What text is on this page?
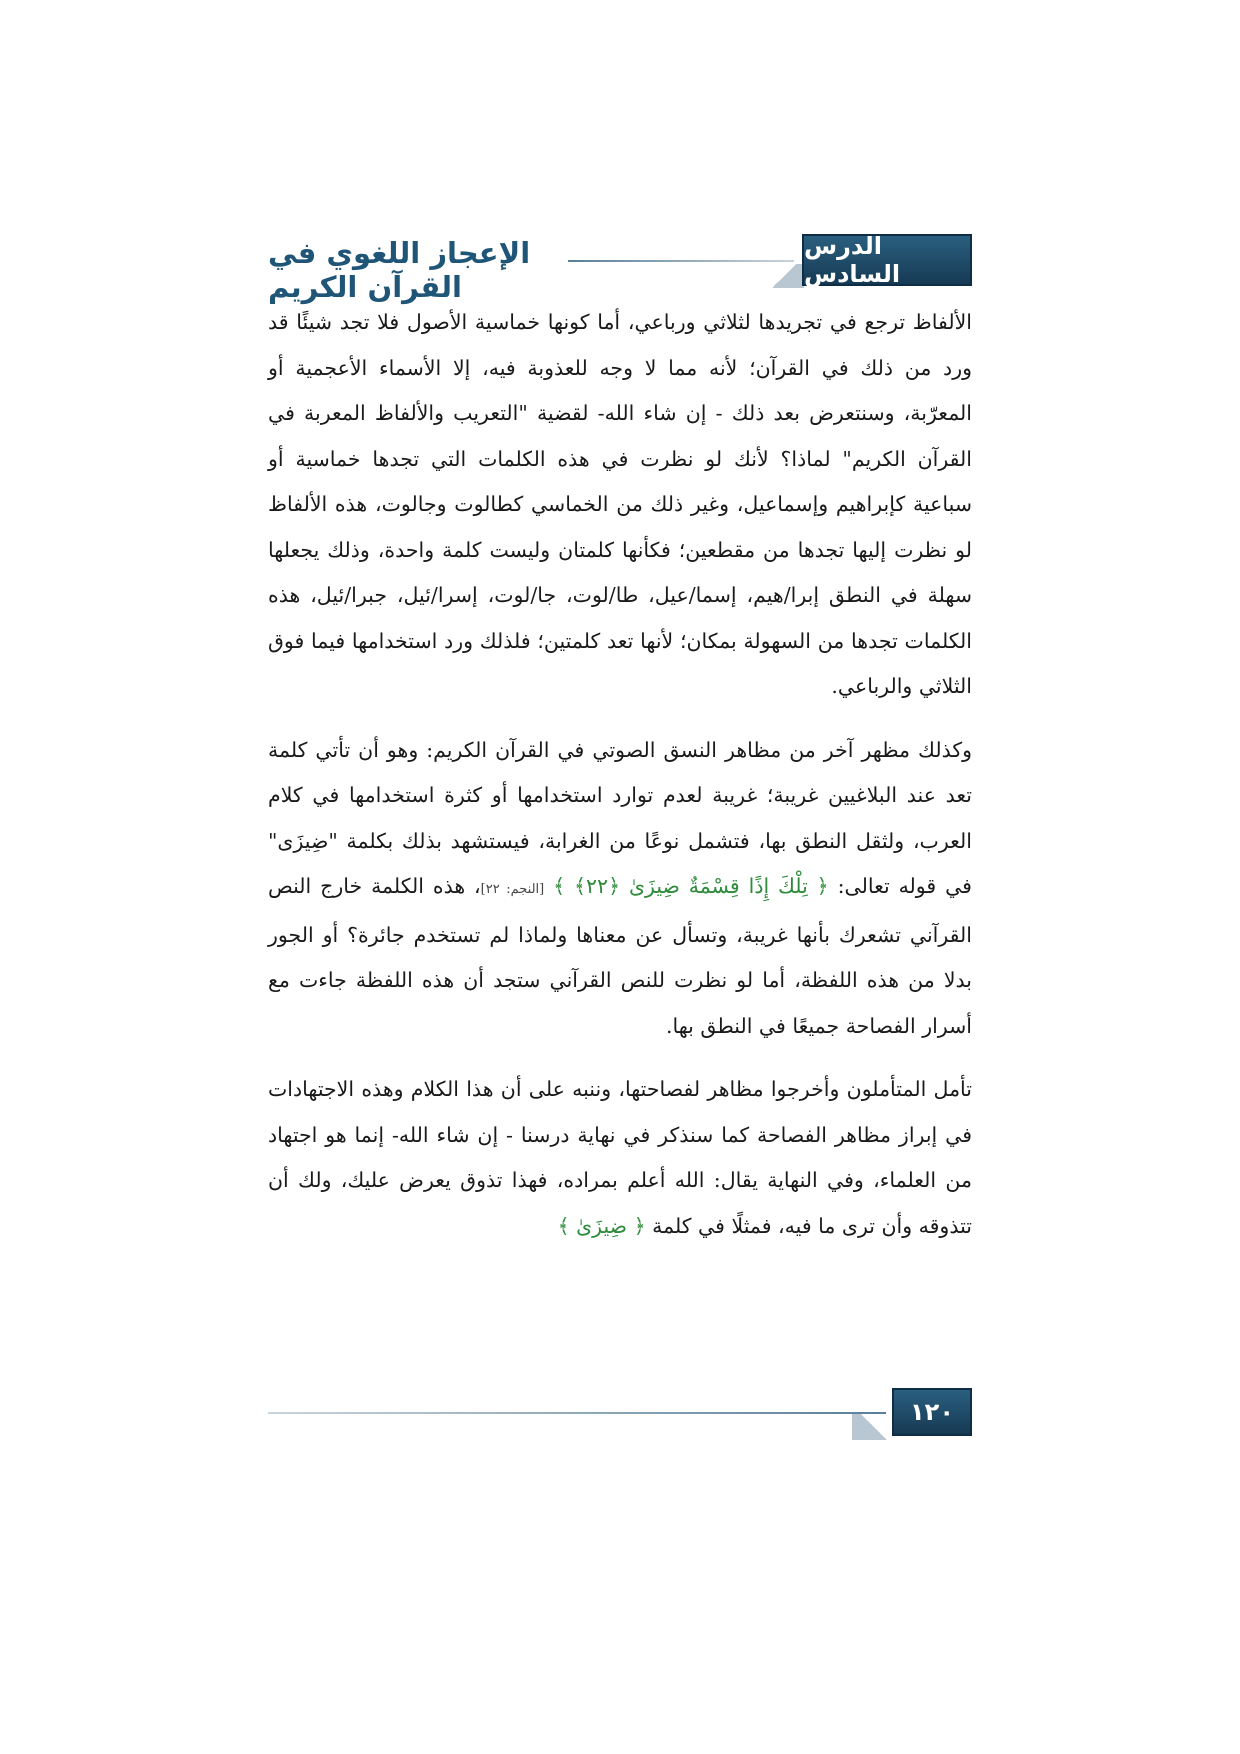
الإعجاز اللغوي في القرآن الكريم
الدرس السادس

الألفاظ ترجع في تجريدها لثلاثي ورباعي، أما كونها خماسية الأصول فلا تجد شيئًا قد ورد من ذلك في القرآن؛ لأنه مما لا وجه للعذوبة فيه، إلا الأسماء الأعجمية أو المعرّبة، وسنتعرض بعد ذلك - إن شاء الله- لقضية "التعريب والألفاظ المعربة في القرآن الكريم" لماذا؟ لأنك لو نظرت في هذه الكلمات التي تجدها خماسية أو سباعية كإبراهيم وإسماعيل، وغير ذلك من الخماسي كطالوت وجالوت، هذه الألفاظ لو نظرت إليها تجدها من مقطعين؛ فكأنها كلمتان وليست كلمة واحدة، وذلك يجعلها سهلة في النطق إبرا/هيم، إسما/عيل، طا/لوت، جا/لوت، إسرا/ئيل، جبرا/ئيل، هذه الكلمات تجدها من السهولة بمكان؛ لأنها تعد كلمتين؛ فلذلك ورد استخدامها فيما فوق الثلاثي والرباعي.

وكذلك مظهر آخر من مظاهر النسق الصوتي في القرآن الكريم: وهو أن تأتي كلمة تعد عند البلاغيين غريبة؛ غريبة لعدم توارد استخدامها أو كثرة استخدامها في كلام العرب، ولثقل النطق بها، فتشمل نوعًا من الغرابة، فيستشهد بذلك بكلمة "ضِيزَى" في قوله تعالى: ﴿ تِلْكَ إِذًا قِسْمَةٌ ضِيزَىٰ ﴿٢٢﴾ ﴾ [النجم: ٢٢]، هذه الكلمة خارج النص القرآني تشعرك بأنها غريبة، وتسأل عن معناها ولماذا لم تستخدم جائرة؟ أو الجور بدلا من هذه اللفظة، أما لو نظرت للنص القرآني ستجد أن هذه اللفظة جاءت مع أسرار الفصاحة جميعًا في النطق بها.

تأمل المتأملون وأخرجوا مظاهر لفصاحتها، وننبه على أن هذا الكلام وهذه الاجتهادات في إبراز مظاهر الفصاحة كما سنذكر في نهاية درسنا - إن شاء الله- إنما هو اجتهاد من العلماء، وفي النهاية يقال: الله أعلم بمراده، فهذا تذوق يعرض عليك، ولك أن تتذوقه وأن ترى ما فيه، فمثلًا في كلمة ﴿ ضِيزَىٰ ﴾

١٢٠
